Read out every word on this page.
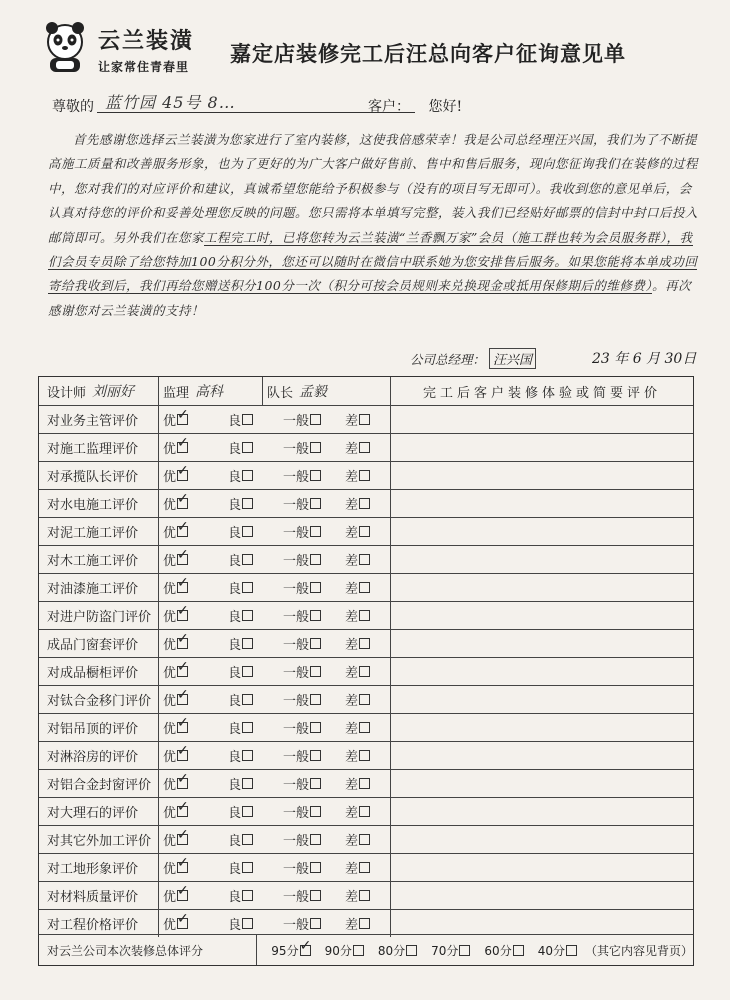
云兰装潢
让家常住青春里
嘉定店装修完工后汪总向客户征询意见单
尊敬的 蓝竹园 45号 8…	客户： 您好!

首先感谢您选择云兰装潢为您家进行了室内装修，这使我倍感荣幸！我是公司总经理汪兴国，我们为了不断提高施工质量和改善服务形象，也为了更好的为广大客户做好售前、售中和售后服务，现向您征询我们在装修的过程中，您对我们的对应评价和建议，真诚希望您能给予积极参与（没有的项目写无即可）。我收到您的意见单后，会认真对待您的评价和妥善处理您反映的问题。您只需将本单填写完整，装入我们已经贴好邮票的信封中封口后投入邮筒即可。另外我们在您家工程完工时，已将您转为云兰装潢“兰香飘万家”会员（施工群也转为会员服务群），我们会员专员除了给您特加100分积分外，您还可以随时在微信中联系她为您安排售后服务。如果您能将本单成功回寄给我收到后，我们再给您赠送积分100分一次（积分可按会员规则来兑换现金或抵用保修期后的维修费）。再次感谢您对云兰装潢的支持！

公司总经理： 汪兴国	23 年 6 月 30日
设计师 刘丽好 监理 高科	队长 孟毅	完工后客户装修体验或简要评价
对业务主管评价	优 ✓	良	一般	差
对施工监理评价	优 ✓	良	一般	差
对承揽队长评价	优 ✓	良	一般	差
对水电施工评价	优 ✓	良	一般	差
对泥工施工评价	优 ✓	良	一般	差
对木工施工评价	优 ✓	良	一般	差
对油漆施工评价	优 ✓	良	一般	差
对进户防盗门评价 优 ✓	良	一般	差
成品门窗套评价	优 ✓	良	一般	差
对成品橱柜评价	优 ✓	良	一般	差
对钛合金移门评价 优 ✓	良	一般	差
对铝吊顶的评价	优 ✓	良	一般	差
对淋浴房的评价	优 ✓	良	一般	差
对铝合金封窗评价 优 ✓	良	一般	差
对大理石的评价	优 ✓	良	一般	差
对其它外加工评价 优 ✓	良	一般	差
对工地形象评价	优 ✓	良	一般	差
对材料质量评价	优 ✓	良	一般	差
对工程价格评价	优 ✓	良	一般	差
对云兰公司本次装修总体评分	95分 ✓ 90分 80分 70分 60分 40分 （其它内容见背页）
